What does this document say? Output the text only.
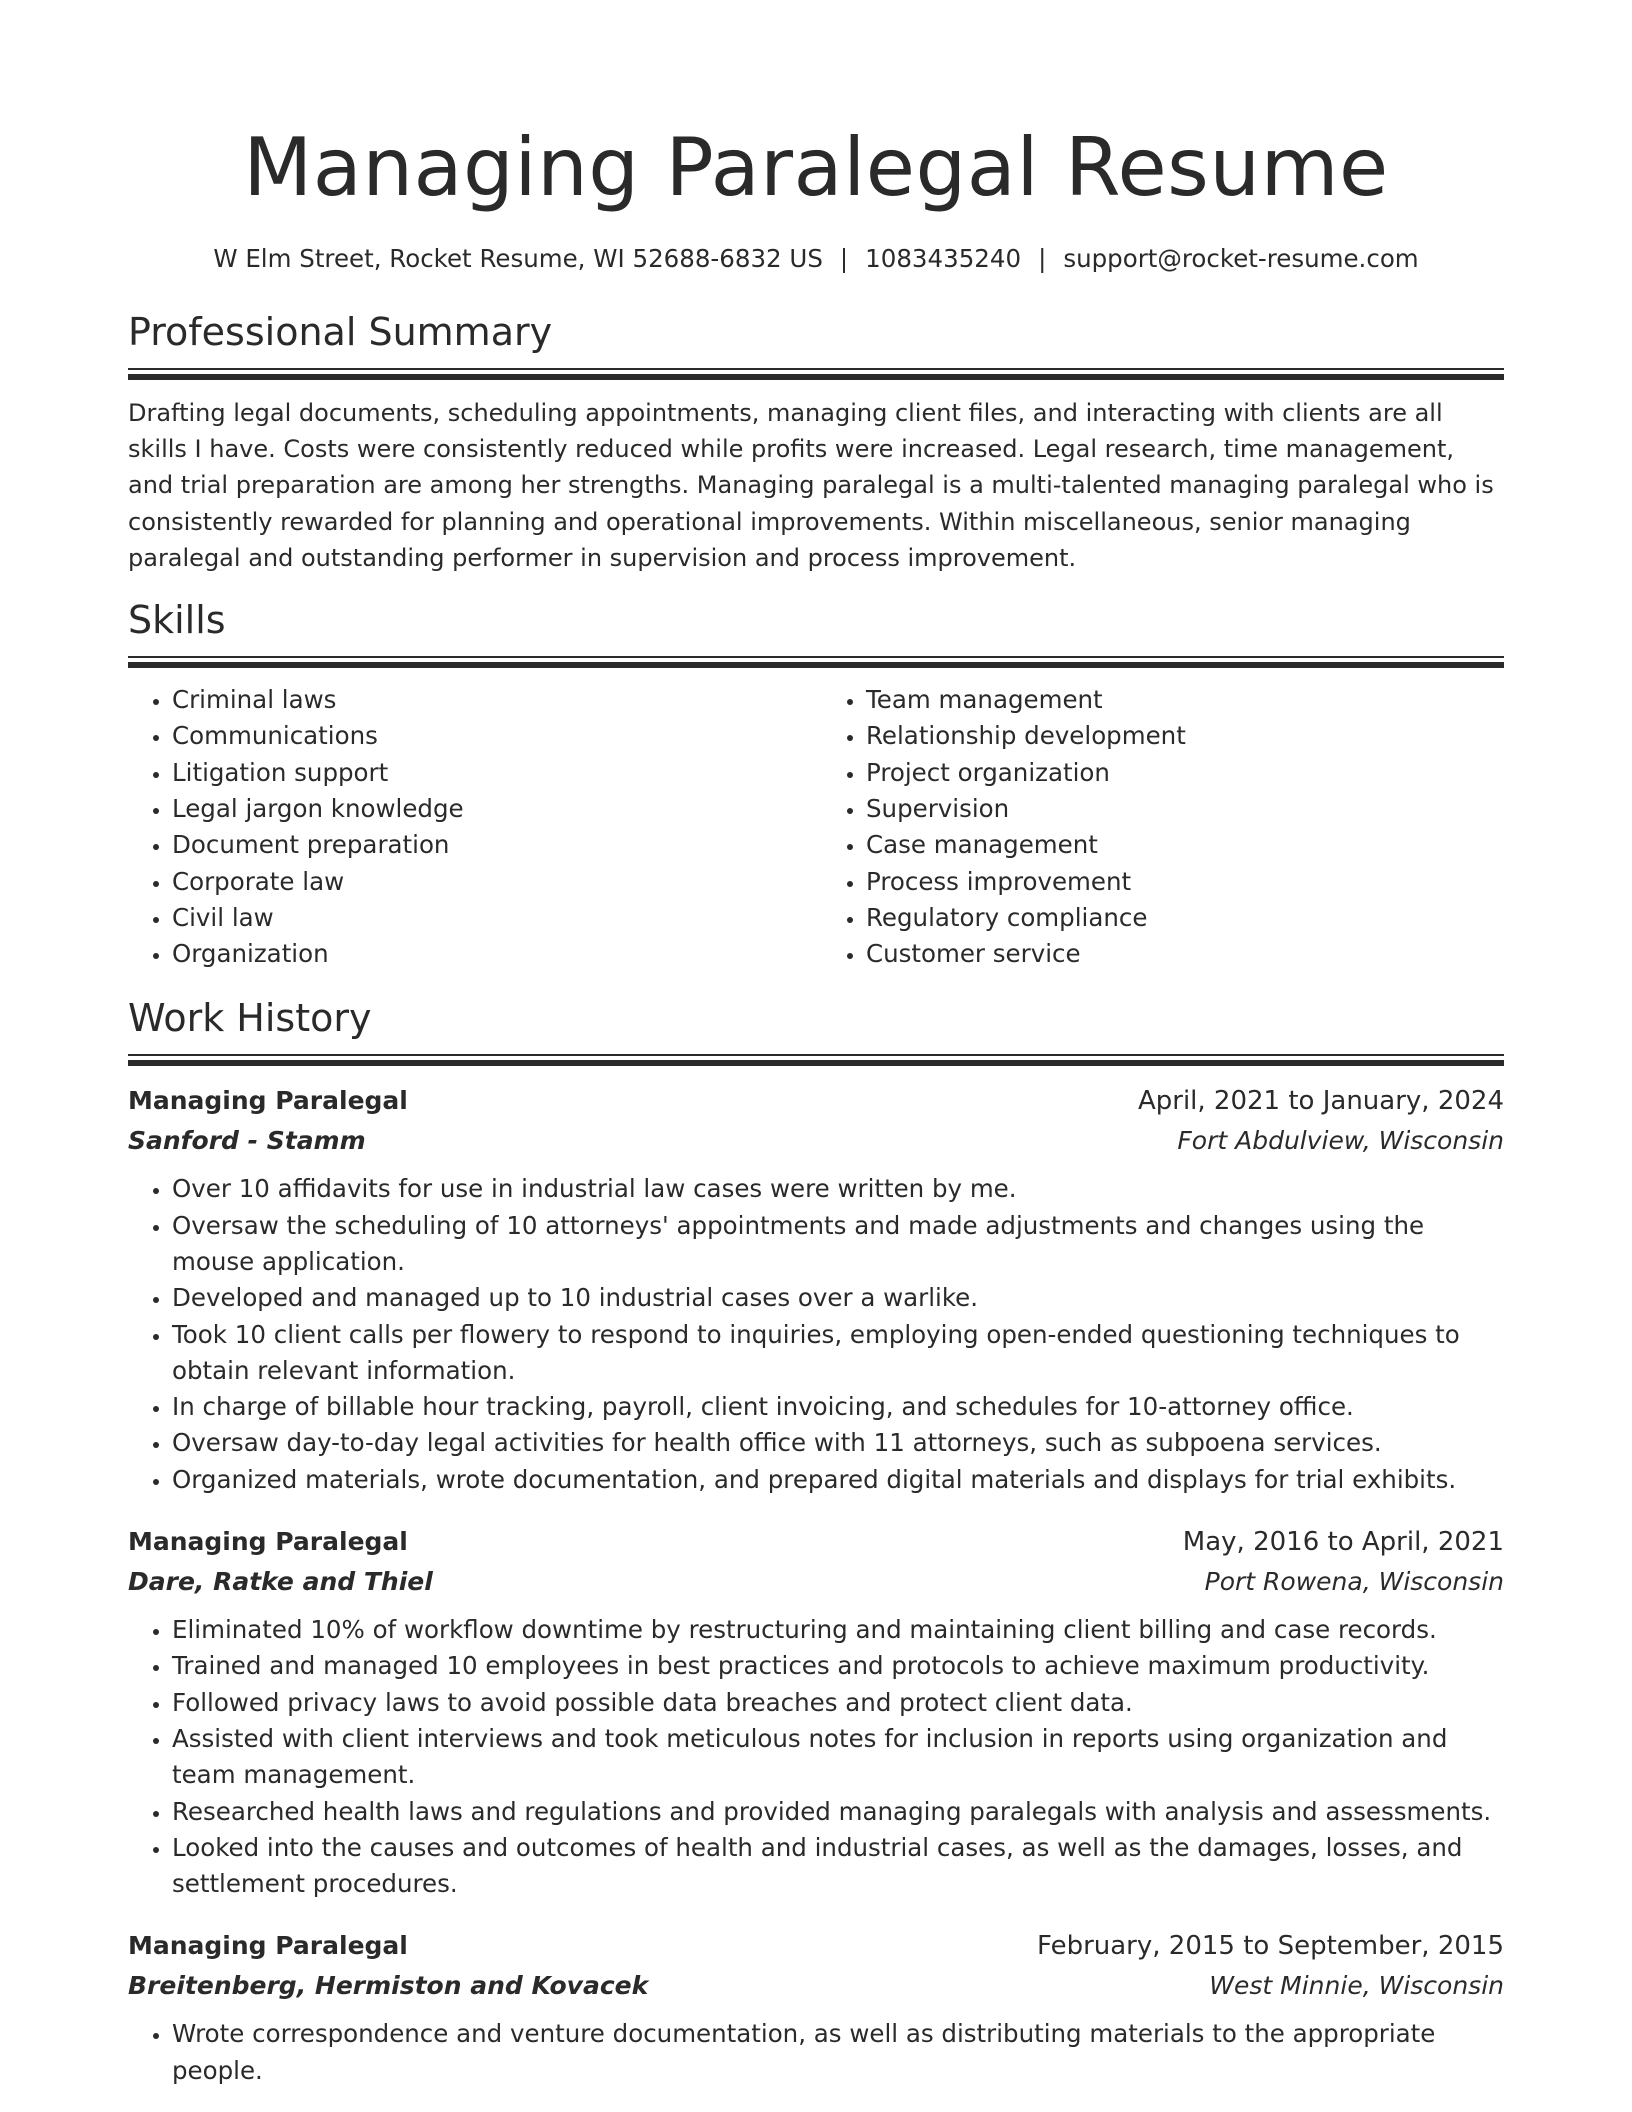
Managing Paralegal Resume
W Elm Street, Rocket Resume, WI 52688-6832 US | 1083435240 | support@rocket-resume.com
Professional Summary

Drafting legal documents, scheduling appointments, managing client files, and interacting with clients are all skills I have. Costs were consistently reduced while profits were increased. Legal research, time management, and trial preparation are among her strengths. Managing paralegal is a multi-talented managing paralegal who is consistently rewarded for planning and operational improvements. Within miscellaneous, senior managing paralegal and outstanding performer in supervision and process improvement.

Skills
• Criminal laws
• Communications
• Litigation support
• Legal jargon knowledge
• Document preparation
• Corporate law
• Civil law
• Organization
• Team management
• Relationship development
• Project organization
• Supervision
• Case management
• Process improvement
• Regulatory compliance
• Customer service
Work History
Managing Paralegal	April, 2021 to January, 2024
Sanford - Stamm	Fort Abdulview, Wisconsin
• Over 10 affidavits for use in industrial law cases were written by me.
• Oversaw the scheduling of 10 attorneys' appointments and made adjustments and changes using the mouse application.
• Developed and managed up to 10 industrial cases over a warlike.
• Took 10 client calls per flowery to respond to inquiries, employing open-ended questioning techniques to obtain relevant information.
• In charge of billable hour tracking, payroll, client invoicing, and schedules for 10-attorney office.
• Oversaw day-to-day legal activities for health office with 11 attorneys, such as subpoena services.
• Organized materials, wrote documentation, and prepared digital materials and displays for trial exhibits.
Managing Paralegal	May, 2016 to April, 2021
Dare, Ratke and Thiel	Port Rowena, Wisconsin
• Eliminated 10% of workflow downtime by restructuring and maintaining client billing and case records.
• Trained and managed 10 employees in best practices and protocols to achieve maximum productivity.
• Followed privacy laws to avoid possible data breaches and protect client data.
• Assisted with client interviews and took meticulous notes for inclusion in reports using organization and team management.
• Researched health laws and regulations and provided managing paralegals with analysis and assessments.
• Looked into the causes and outcomes of health and industrial cases, as well as the damages, losses, and settlement procedures.
Managing Paralegal	February, 2015 to September, 2015
Breitenberg, Hermiston and Kovacek	West Minnie, Wisconsin
• Wrote correspondence and venture documentation, as well as distributing materials to the appropriate people.
